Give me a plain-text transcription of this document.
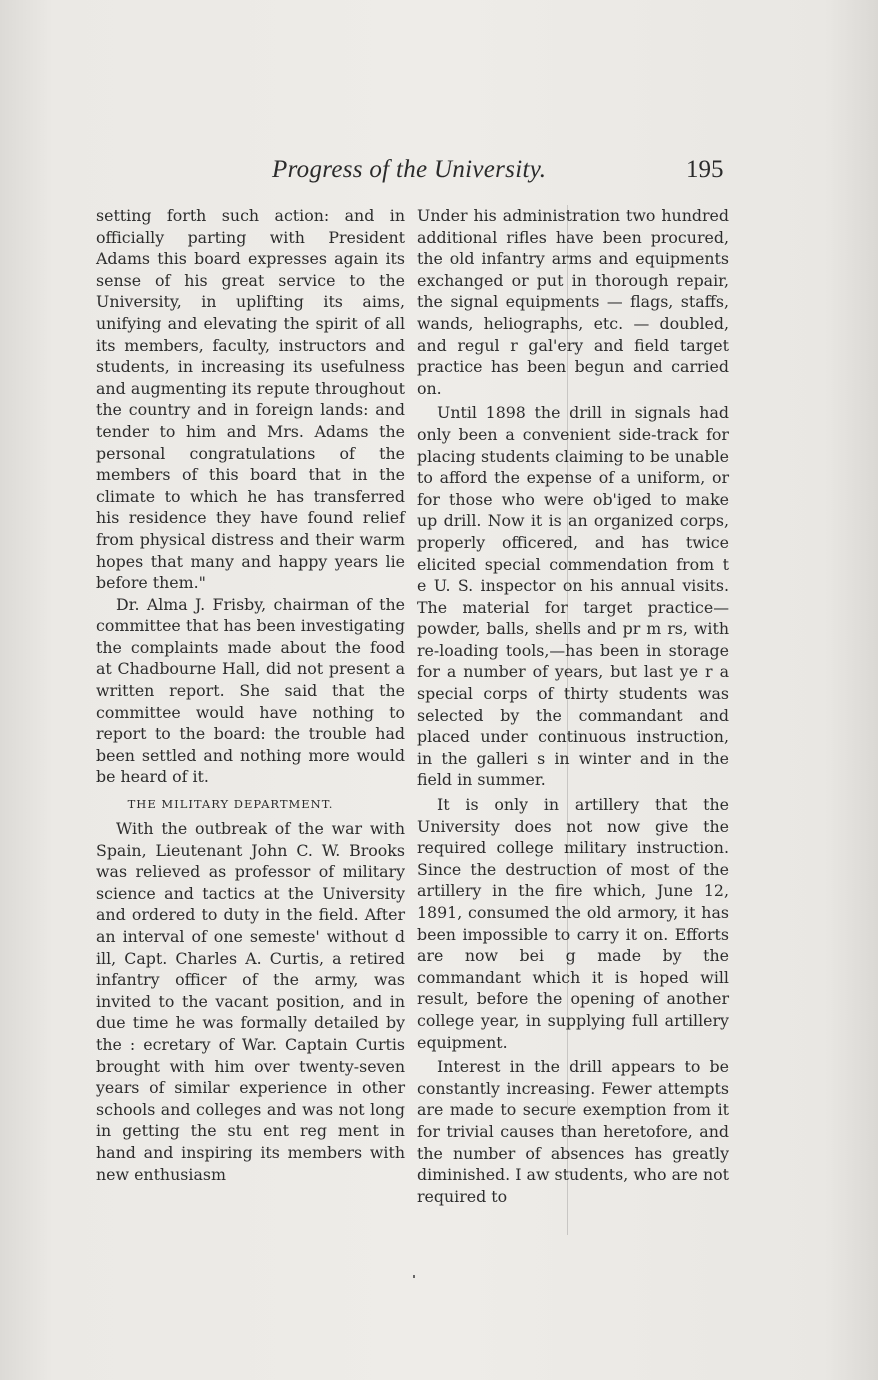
Progress of the University.	195

setting forth such action: and in officially parting with President Adams this board expresses again its sense of his great service to the University, in uplifting its aims, unifying and elevating the spirit of all its members, faculty, instructors and students, in increasing its usefulness and augmenting its repute throughout the country and in foreign lands: and tender to him and Mrs. Adams the personal congratulations of the members of this board that in the climate to which he has transferred his residence they have found relief from physical distress and their warm hopes that many and happy years lie before them."

Dr. Alma J. Frisby, chairman of the committee that has been investigating the complaints made about the food at Chadbourne Hall, did not present a written report. She said that the committee would have nothing to report to the board: the trouble had been settled and nothing more would be heard of it.

THE MILITARY DEPARTMENT.

With the outbreak of the war with Spain, Lieutenant John C. W. Brooks was relieved as professor of military science and tactics at the University and ordered to duty in the field. After an interval of one semeste' without d ill, Capt. Charles A. Curtis, a retired infantry officer of the army, was invited to the vacant position, and in due time he was formally detailed by the : ecretary of War. Captain Curtis brought with him over twenty-seven years of similar experience in other schools and colleges and was not long in getting the stu ent reg ment in hand and inspiring its members with new enthusiasm

Under his administration two hundred additional rifles have been procured, the old infantry arms and equipments exchanged or put in thorough repair, the signal equipments — flags, staffs, wands, heliographs, etc. — doubled, and regul r gal'ery and field target practice has been begun and carried on.

Until 1898 the drill in signals had only been a convenient side-track for placing students claiming to be unable to afford the expense of a uniform, or for those who were ob'iged to make up drill. Now it is an organized corps, properly officered, and has twice elicited special commendation from t e U. S. inspector on his annual visits. The material for target practice—powder, balls, shells and pr m rs, with re-loading tools,—has been in storage for a number of years, but last ye r a special corps of thirty students was selected by the commandant and placed under continuous instruction, in the galleri s in winter and in the field in summer.

It is only in artillery that the University does not now give the required college military instruction. Since the destruction of most of the artillery in the fire which, June 12, 1891, consumed the old armory, it has been impossible to carry it on. Efforts are now bei g made by the commandant which it is hoped will result, before the opening of another college year, in supplying full artillery equipment.

Interest in the drill appears to be constantly increasing. Fewer attempts are made to secure exemption from it for trivial causes than heretofore, and the number of absences has greatly diminished. I aw students, who are not required to
